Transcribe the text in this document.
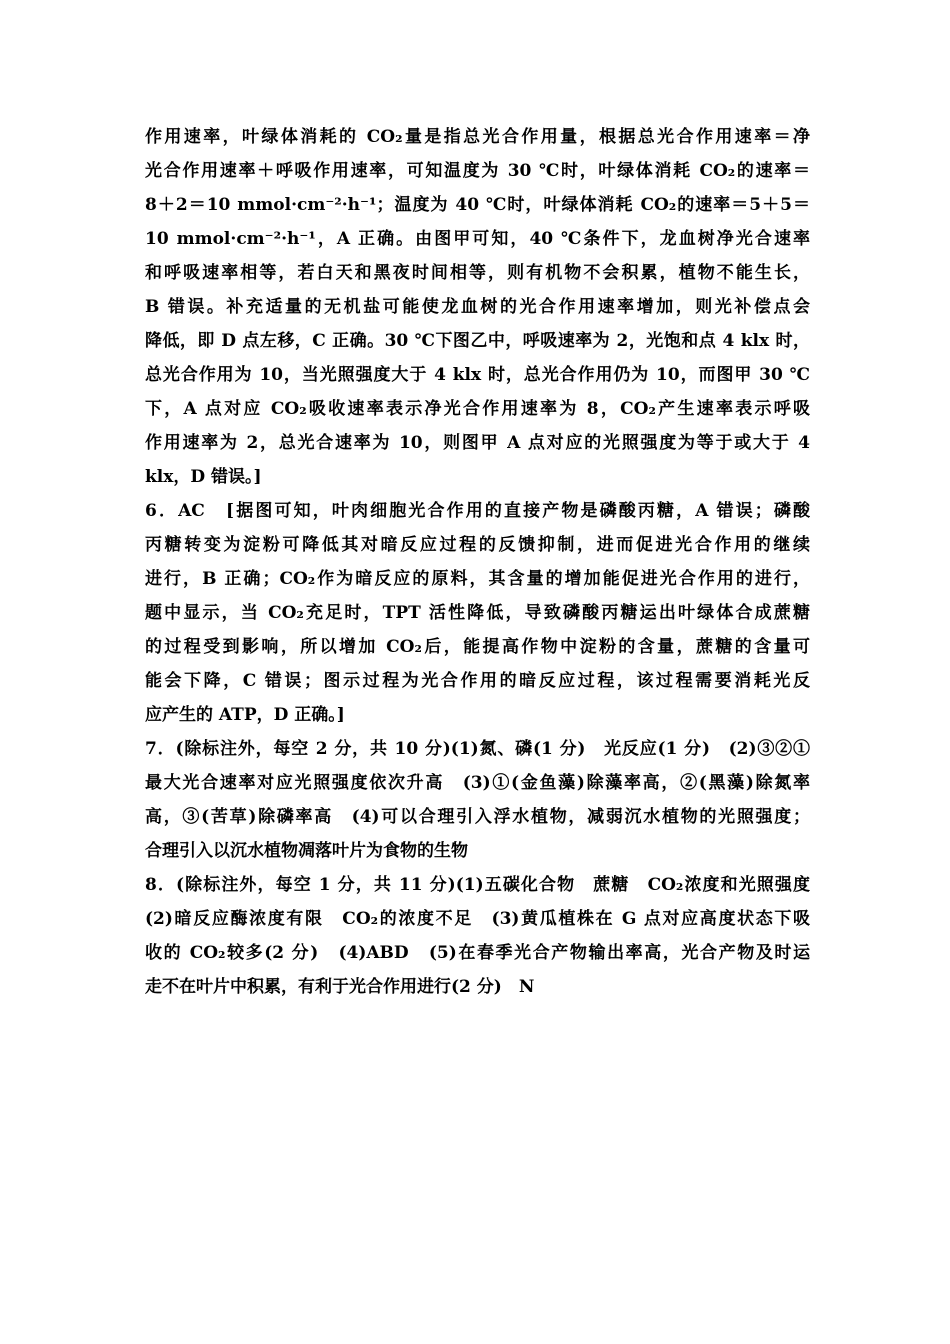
作用速率，叶绿体消耗的 CO₂量是指总光合作用量，根据总光合作用速率＝净
光合作用速率＋呼吸作用速率，可知温度为 30 ℃时，叶绿体消耗 CO₂的速率＝
8＋2＝10 mmol·cm⁻²·h⁻¹；温度为 40 ℃时，叶绿体消耗 CO₂的速率＝5＋5＝
10 mmol·cm⁻²·h⁻¹，A 正确。由图甲可知，40 ℃条件下，龙血树净光合速率
和呼吸速率相等，若白天和黑夜时间相等，则有机物不会积累，植物不能生长，
B 错误。补充适量的无机盐可能使龙血树的光合作用速率增加，则光补偿点会
降低，即 D 点左移，C 正确。30 ℃下图乙中，呼吸速率为 2，光饱和点 4 klx 时，
总光合作用为 10，当光照强度大于 4 klx 时，总光合作用仍为 10，而图甲 30 ℃
下，A 点对应 CO₂吸收速率表示净光合作用速率为 8，CO₂产生速率表示呼吸
作用速率为 2，总光合速率为 10，则图甲 A 点对应的光照强度为等于或大于 4
klx，D 错误。]
6．AC　[据图可知，叶肉细胞光合作用的直接产物是磷酸丙糖，A 错误；磷酸
丙糖转变为淀粉可降低其对暗反应过程的反馈抑制，进而促进光合作用的继续
进行，B 正确；CO₂作为暗反应的原料，其含量的增加能促进光合作用的进行，
题中显示，当 CO₂充足时，TPT 活性降低，导致磷酸丙糖运出叶绿体合成蔗糖
的过程受到影响，所以增加 CO₂后，能提高作物中淀粉的含量，蔗糖的含量可
能会下降，C 错误；图示过程为光合作用的暗反应过程，该过程需要消耗光反
应产生的 ATP，D 正确。]
7．(除标注外，每空 2 分，共 10 分)(1)氮、磷(1 分)　光反应(1 分)　(2)③②①
最大光合速率对应光照强度依次升高　(3)①(金鱼藻)除藻率高，②(黑藻)除氮率
高，③(苦草)除磷率高　(4)可以合理引入浮水植物，减弱沉水植物的光照强度；
合理引入以沉水植物凋落叶片为食物的生物
8．(除标注外，每空 1 分，共 11 分)(1)五碳化合物　蔗糖　CO₂浓度和光照强度
(2)暗反应酶浓度有限　CO₂的浓度不足　(3)黄瓜植株在 G 点对应高度状态下吸
收的 CO₂较多(2 分)　(4)ABD　(5)在春季光合产物输出率高，光合产物及时运
走不在叶片中积累，有利于光合作用进行(2 分)　N
